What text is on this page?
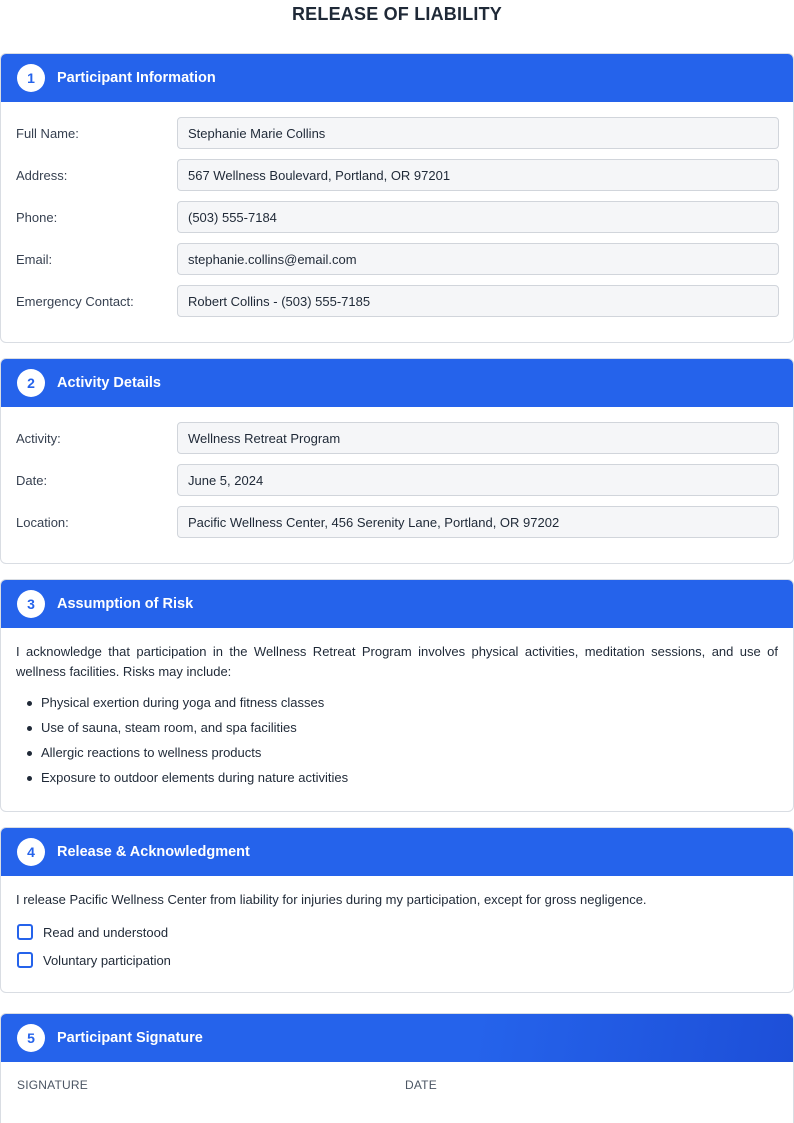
RELEASE OF LIABILITY
1	Participant Information
Full Name:
Stephanie Marie Collins
Address:
567 Wellness Boulevard, Portland, OR 97201
Phone:
(503) 555-7184
Email:
stephanie.collins@email.com
Emergency Contact:
Robert Collins - (503) 555-7185
2	Activity Details
Activity:
Wellness Retreat Program
Date:
June 5, 2024
Location:
Pacific Wellness Center, 456 Serenity Lane, Portland, OR 97202
3	Assumption of Risk

I acknowledge that participation in the Wellness Retreat Program involves physical activities, meditation sessions, and use of wellness facilities. Risks may include:

Physical exertion during yoga and fitness classes
Use of sauna, steam room, and spa facilities
Allergic reactions to wellness products
Exposure to outdoor elements during nature activities
4	Release & Acknowledgment

I release Pacific Wellness Center from liability for injuries during my participation, except for gross negligence.

Read and understood
Voluntary participation
5	Participant Signature
SIGNATURE	DATE
